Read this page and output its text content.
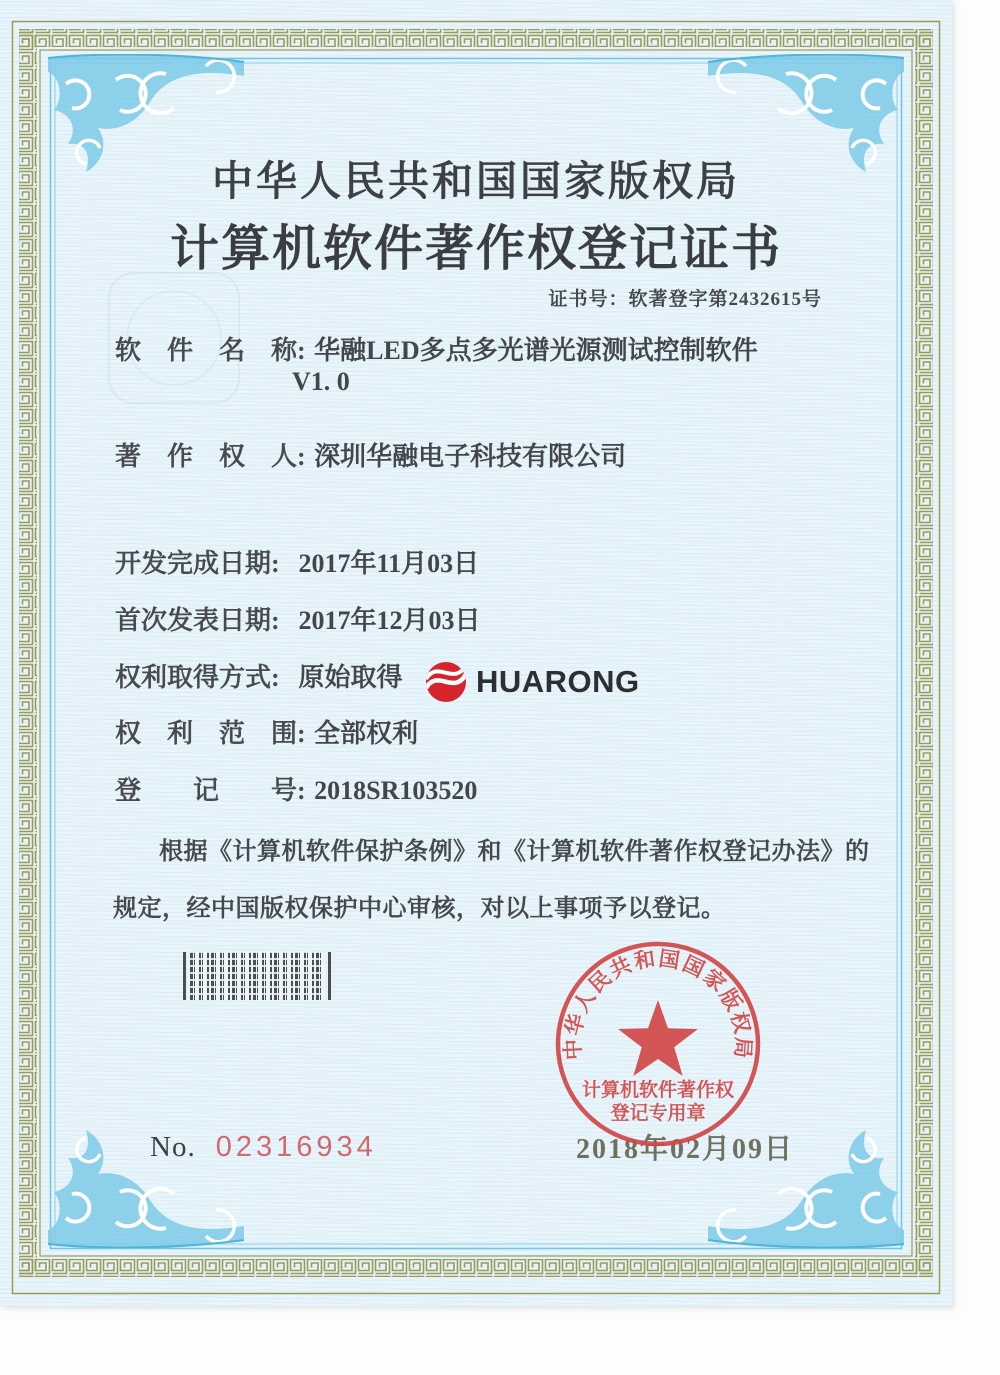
中华人民共和国国家版权局
计算机软件著作权登记证书
证书号：软著登字第2432615号
软　件　名　称: 华融LED多点多光谱光源测试控制软件
V1. 0
著　作　权　人: 深圳华融电子科技有限公司
开发完成日期: 2017年11月03日
首次发表日期: 2017年12月03日
权利取得方式: 原始取得
权　利　范　围: 全部权利
登　　记　　号: 2018SR103520
HUARONG
根据《计算机软件保护条例》和《计算机软件著作权登记办法》的
规定，经中国版权保护中心审核，对以上事项予以登记。
No. 02316934	2018年02月09日
中华人民共和国国家版权局
计算机软件著作权
登记专用章
